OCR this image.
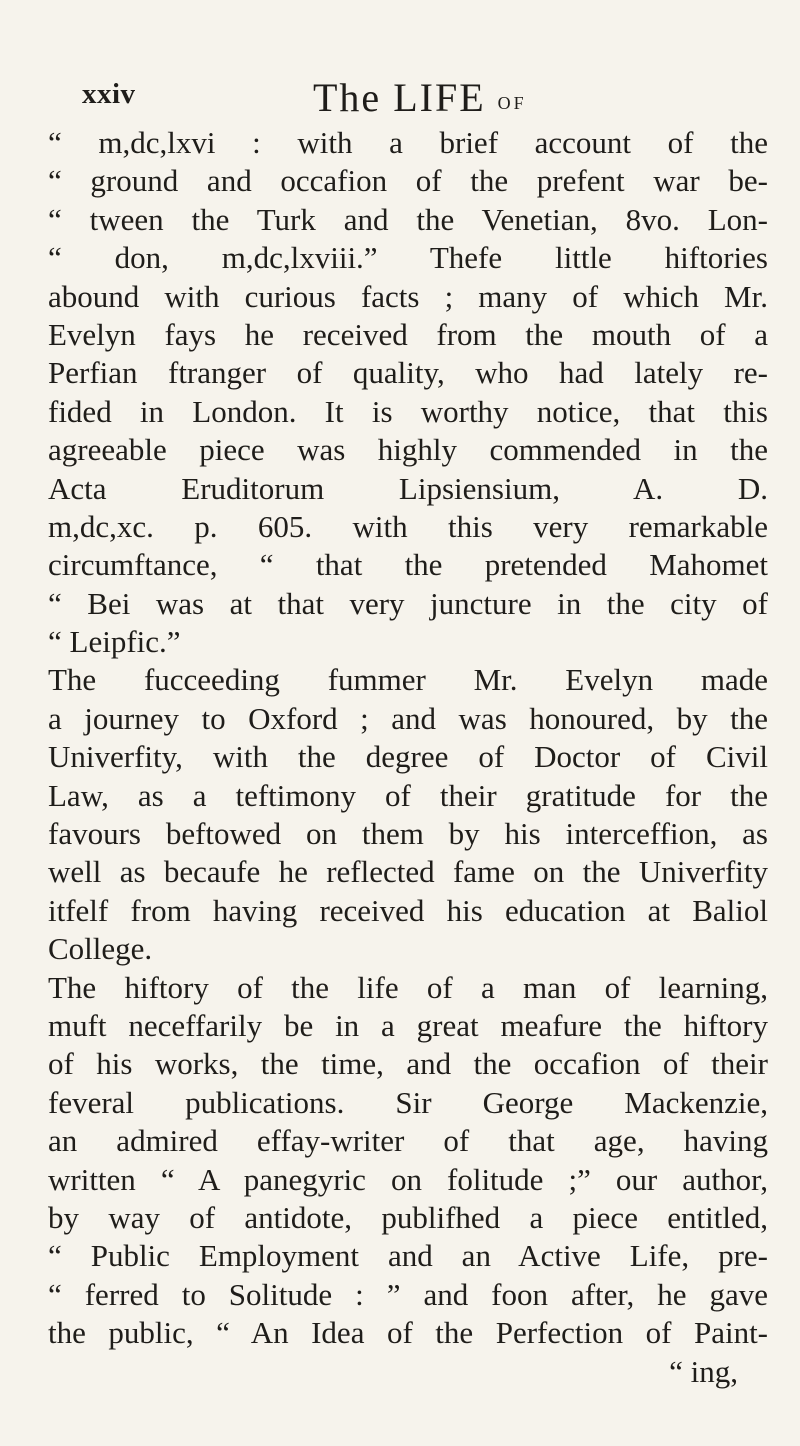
xxiv	The LIFE of
“ m,dc,lxvi : with a brief account of the
“ ground and occafion of the prefent war be-
“ tween the Turk and the Venetian, 8vo. Lon-
“ don, m,dc,lxviii.” Thefe little hiftories
abound with curious facts ; many of which Mr.
Evelyn fays he received from the mouth of a
Perfian ftranger of quality, who had lately re-
fided in London. It is worthy notice, that this
agreeable piece was highly commended in the
Acta Eruditorum Lipsiensium, A. D.
m,dc,xc. p. 605. with this very remarkable
circumftance, “ that the pretended Mahomet
“ Bei was at that very juncture in the city of
“ Leipfic.”
The fucceeding fummer Mr. Evelyn made
a journey to Oxford ; and was honoured, by the
Univerfity, with the degree of Doctor of Civil
Law, as a teftimony of their gratitude for the
favours beftowed on them by his interceffion, as
well as becaufe he reflected fame on the Univerfity
itfelf from having received his education at Baliol
College.
The hiftory of the life of a man of learning,
muft neceffarily be in a great meafure the hiftory
of his works, the time, and the occafion of their
feveral publications. Sir George Mackenzie,
an admired effay-writer of that age, having
written “ A panegyric on folitude ;” our author,
by way of antidote, publifhed a piece entitled,
“ Public Employment and an Active Life, pre-
“ ferred to Solitude : ” and foon after, he gave
the public, “ An Idea of the Perfection of Paint-
“ ing,
